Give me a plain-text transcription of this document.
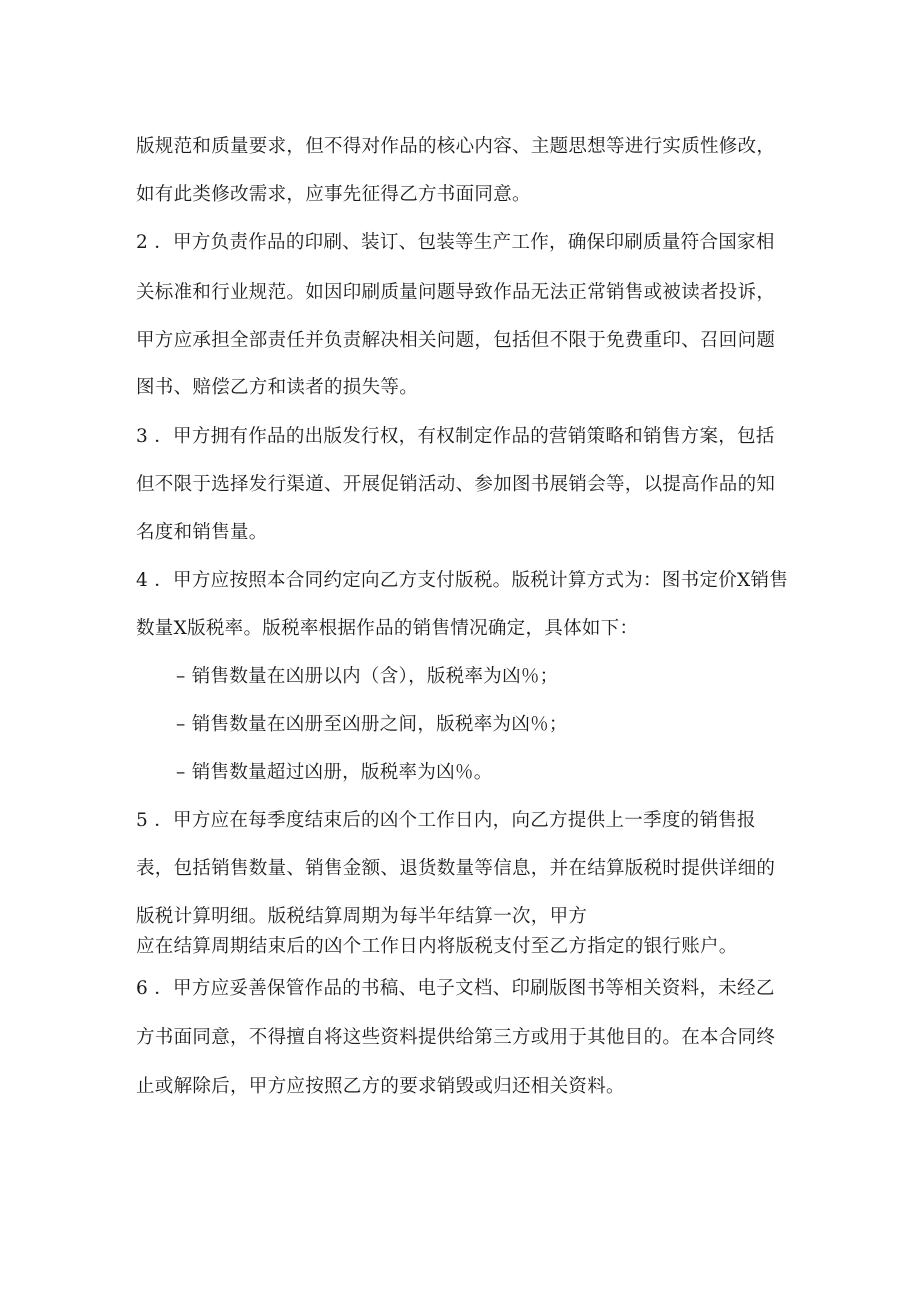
版规范和质量要求，但不得对作品的核心内容、主题思想等进行实质性修改，
如有此类修改需求，应事先征得乙方书面同意。
2 ．甲方负责作品的印刷、装订、包装等生产工作，确保印刷质量符合国家相
关标准和行业规范。如因印刷质量问题导致作品无法正常销售或被读者投诉，
甲方应承担全部责任并负责解决相关问题，包括但不限于免费重印、召回问题
图书、赔偿乙方和读者的损失等。
3 ．甲方拥有作品的出版发行权，有权制定作品的营销策略和销售方案，包括
但不限于选择发行渠道、开展促销活动、参加图书展销会等，以提高作品的知
名度和销售量。
4 ．甲方应按照本合同约定向乙方支付版税。版税计算方式为：图书定价X销售
数量X版税率。版税率根据作品的销售情况确定，具体如下：
– 销售数量在凶册以内（含），版税率为凶％；
– 销售数量在凶册至凶册之间，版税率为凶％；
– 销售数量超过凶册，版税率为凶％。
5 ．甲方应在每季度结束后的凶个工作日内，向乙方提供上一季度的销售报
表，包括销售数量、销售金额、退货数量等信息，并在结算版税时提供详细的
版税计算明细。版税结算周期为每半年结算一次，甲方
应在结算周期结束后的凶个工作日内将版税支付至乙方指定的银行账户。
6 ．甲方应妥善保管作品的书稿、电子文档、印刷版图书等相关资料，未经乙
方书面同意，不得擅自将这些资料提供给第三方或用于其他目的。在本合同终
止或解除后，甲方应按照乙方的要求销毁或归还相关资料。
